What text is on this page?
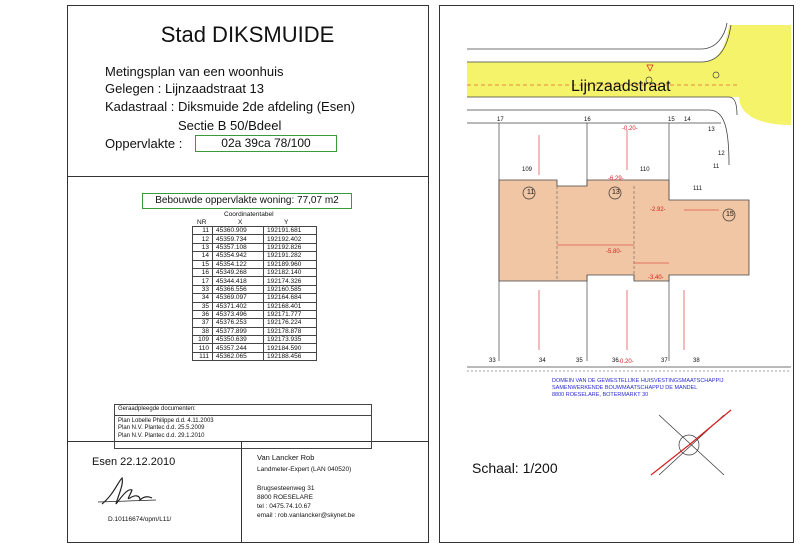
Stad DIKSMUIDE
Metingsplan van een woonhuis
Gelegen : Lijnzaadstraat 13
Kadastraal : Diksmuide 2de afdeling (Esen)
Sectie B 50/Bdeel
Oppervlakte :	02a 39ca 78/100
Bebouwde oppervlakte woning: 77,07 m2
Coordinatentabel
NR	X	Y
11	45360.909	192191.681
12	45359.734	192192.402
13	45357.108	192192.826
14	45354.942	192191.282
15	45354.122	192189.960
16	45349.268	192182.140
17	45344.418	192174.326
33	45366.556	192160.585
34	45369.097	192164.684
35	45371.402	192168.401
36	45373.496	192171.777
37	45376.253	192176.224
38	45377.899	192178.878
109	45350.639	192173.935
110	45357.244	192184.590
111	45362.065	192188.456
Geraadpleegde documenten:
Plan Lobelle Philippe d.d. 4.11.2003
Plan N.V. Plantec d.d. 25.5.2009
Plan N.V. Plantec d.d. 29.1.2010
Esen 22.12.2010
D.10116674/opm/L11/
Van Lancker Rob
Landmeter-Expert (LAN 040520)
Brugsesteenweg 31
8800 ROESELARE
tel : 0475.74.10.67
email : rob.vanlancker@skynet.be
Lijnzaadstraat
Schaal: 1/200
17	16	15 14
13
12
11
109	110
111
33	34	35	36	37	38
11	13
15
-0.20-
-6.29-
-2.92-
-5.80-
-3.40-
-0.20-
DOMEIN VAN DE GEWESTELIJKE HUISVESTINGSMAATSCHAPPIJ
SAMENWERKENDE BOUWMAATSCHAPPIJ DE MANDEL
8800 ROESELARE, BOTERMARKT 30
